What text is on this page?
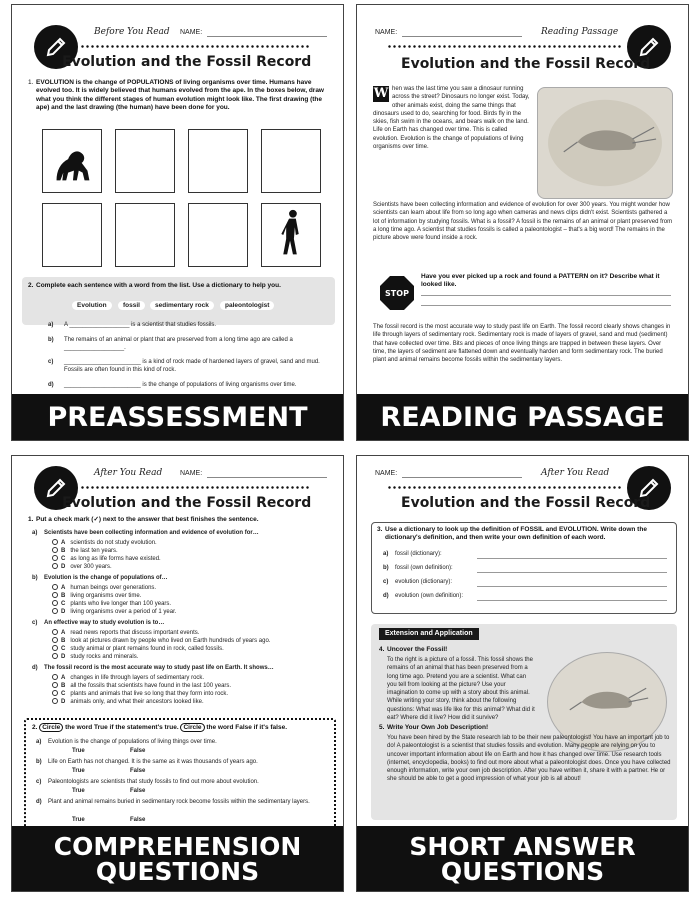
Before You Read NAME:
Evolution and the Fossil Record
1. EVOLUTION is the change of POPULATIONS of living organisms over time. Humans have evolved too. It is widely believed that humans evolved from the ape. In the boxes below, draw what you think the different stages of human evolution might look like. The first drawing (the ape) and the last drawing (the human) have been done for you.
2. Complete each sentence with a word from the list. Use a dictionary to help you.
Evolution	fossil	sedimentary rock	paleontologist
a)	A __________________ is a scientist that studies fossils.
b)	The remains of an animal or plant that are preserved from a long time ago are called a __________________.
c)	_______________________ is a kind of rock made of hardened layers of gravel, sand and mud. Fossils are often found in this kind of rock.
d)	_______________________ is the change of populations of living organisms over time.
PREASSESSMENT
NAME:	Reading Passage
Evolution and the Fossil Record
W hen was the last time you saw a dinosaur running across the street? Dinosaurs no longer exist. Today, other animals exist, doing the same things that dinosaurs used to do, searching for food. Birds fly in the skies, fish swim in the oceans, and bears walk on the land. Life on Earth has changed over time. This is called evolution. Evolution is the change of populations of living organisms over time.
Scientists have been collecting information and evidence of evolution for over 300 years. You might wonder how scientists can learn about life from so long ago when cameras and news clips didn't exist. Scientists gathered a lot of information by studying fossils. What is a fossil? A fossil is the remains of an animal or plant preserved from a long time ago. A scientist that studies fossils is called a paleontologist – that's a big word! The remains in the picture above were found inside a rock.
STOP
Have you ever picked up a rock and found a PATTERN on it? Describe what it looked like.
The fossil record is the most accurate way to study past life on Earth. The fossil record clearly shows changes in life through layers of sedimentary rock. Sedimentary rock is made of layers of gravel, sand and mud (sediment) that have collected over time. Bits and pieces of once living things are trapped in between these layers. Over time, the layers of sediment are flattened down and eventually harden and form sedimentary rock. The buried plant and animal remains become fossils within the sedimentary layers.
READING PASSAGE
After You Read	NAME:
Evolution and the Fossil Record
1. Put a check mark (✓) next to the answer that best finishes the sentence.
2. Circle the word True if the statement's true. Circle the word False if it's false.
COMPREHENSION
QUESTIONS
a) Scientists have been collecting information and evidence of evolution for…
A scientists do not study evolution.
B the last ten years.
C as long as life forms have existed.
D over 300 years.
b) Evolution is the change of populations of…
A human beings over generations.
B living organisms over time.
C plants who live longer than 100 years.
D living organisms over a period of 1 year.
c) An effective way to study evolution is to…
A read news reports that discuss important events.
B look at pictures drawn by people who lived on Earth hundreds of years ago.
C study animal or plant remains found in rock, called fossils.
D study rocks and minerals.
d) The fossil record is the most accurate way to study past life on Earth. It shows…
A changes in life through layers of sedimentary rock.
B all the fossils that scientists have found in the last 100 years.
C plants and animals that live so long that they form into rock.
D animals only, and what their ancestors looked like.
a) Evolution is the change of populations of living things over time.
True	False
b) Life on Earth has not changed. It is the same as it was thousands of years ago.
True	False
c) Paleontologists are scientists that study fossils to find out more about evolution.
True	False
d) Plant and animal remains buried in sedimentary rock become fossils within the sedimentary layers.
True	False
NAME:	After You Read
Evolution and the Fossil Record
3. Use a dictionary to look up the definition of FOSSIL and EVOLUTION. Write down the dictionary's definition, and then write your own definition of each word.
Extension and Application
4. Uncover the Fossil!
To the right is a picture of a fossil. This fossil shows the remains of an animal that has been preserved from a long time ago. Pretend you are a scientist. What can you tell from looking at the picture? Use your imagination to come up with a story about this animal. While writing your story, think about the following questions: What was life like for this animal? What did it eat? Where did it live? How did it survive?
5. Write Your Own Job Description!
You have been hired by the State research lab to be their new paleontologist! You have an important job to do! A paleontologist is a scientist that studies fossils and evolution. Many people are relying on you to uncover important information about life on Earth and how it has changed over time. Use research tools (internet, encyclopedia, books) to find out more about what a paleontologist does. Once you have collected enough information, write your own job description. After you have written it, share it with a partner. He or she should be able to get a good impression of what your job is all about!
SHORT ANSWER
QUESTIONS
a) fossil (dictionary):
b) fossil (own definition):
c) evolution (dictionary):
d) evolution (own definition):
